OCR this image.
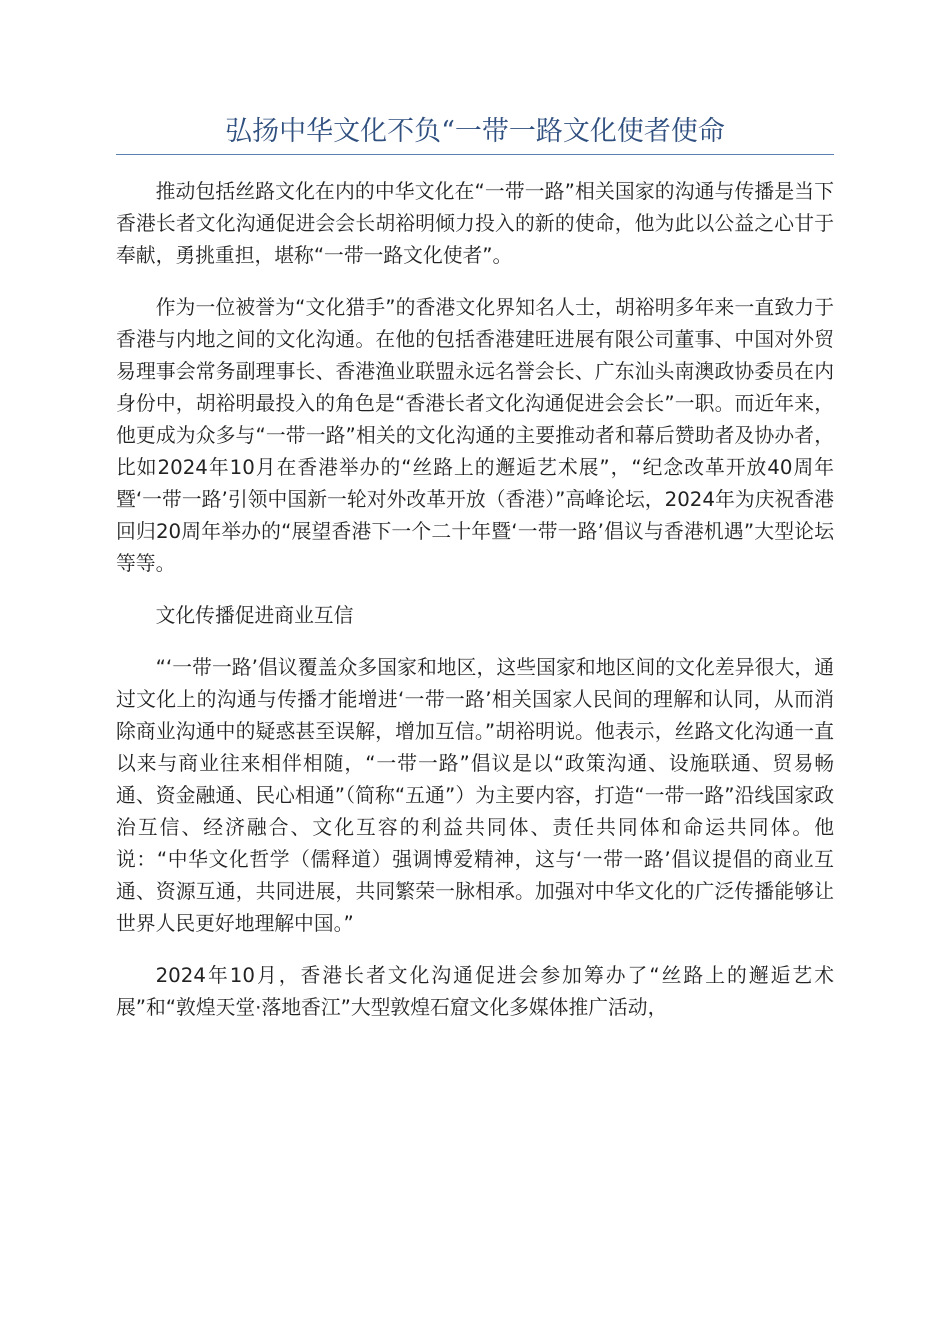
弘扬中华文化不负“一带一路文化使者使命

推动包括丝路文化在内的中华文化在“一带一路”相关国家的沟通与传播是当下香港长者文化沟通促进会会长胡裕明倾力投入的新的使命，他为此以公益之心甘于奉献，勇挑重担，堪称“一带一路文化使者”。

作为一位被誉为“文化猎手”的香港文化界知名人士，胡裕明多年来一直致力于香港与内地之间的文化沟通。在他的包括香港建旺进展有限公司董事、中国对外贸易理事会常务副理事长、香港渔业联盟永远名誉会长、广东汕头南澳政协委员在内身份中，胡裕明最投入的角色是“香港长者文化沟通促进会会长”一职。而近年来，他更成为众多与“一带一路”相关的文化沟通的主要推动者和幕后赞助者及协办者，比如2024年10月在香港举办的“丝路上的邂逅艺术展”，“纪念改革开放40周年暨‘一带一路’引领中国新一轮对外改革开放（香港）”高峰论坛，2024年为庆祝香港回归20周年举办的“展望香港下一个二十年暨‘一带一路’倡议与香港机遇”大型论坛等等。

文化传播促进商业互信

“‘一带一路’倡议覆盖众多国家和地区，这些国家和地区间的文化差异很大，通过文化上的沟通与传播才能增进‘一带一路’相关国家人民间的理解和认同，从而消除商业沟通中的疑惑甚至误解，增加互信。”胡裕明说。他表示，丝路文化沟通一直以来与商业往来相伴相随，“一带一路”倡议是以“政策沟通、设施联通、贸易畅通、资金融通、民心相通”（简称“五通”）为主要内容，打造“一带一路”沿线国家政治互信、经济融合、文化互容的利益共同体、责任共同体和命运共同体。他说：“中华文化哲学（儒释道）强调博爱精神，这与‘一带一路’倡议提倡的商业互通、资源互通，共同进展，共同繁荣一脉相承。加强对中华文化的广泛传播能够让世界人民更好地理解中国。”

2024年10月，香港长者文化沟通促进会参加筹办了“丝路上的邂逅艺术展”和“敦煌天堂·落地香江”大型敦煌石窟文化多媒体推广活动，
